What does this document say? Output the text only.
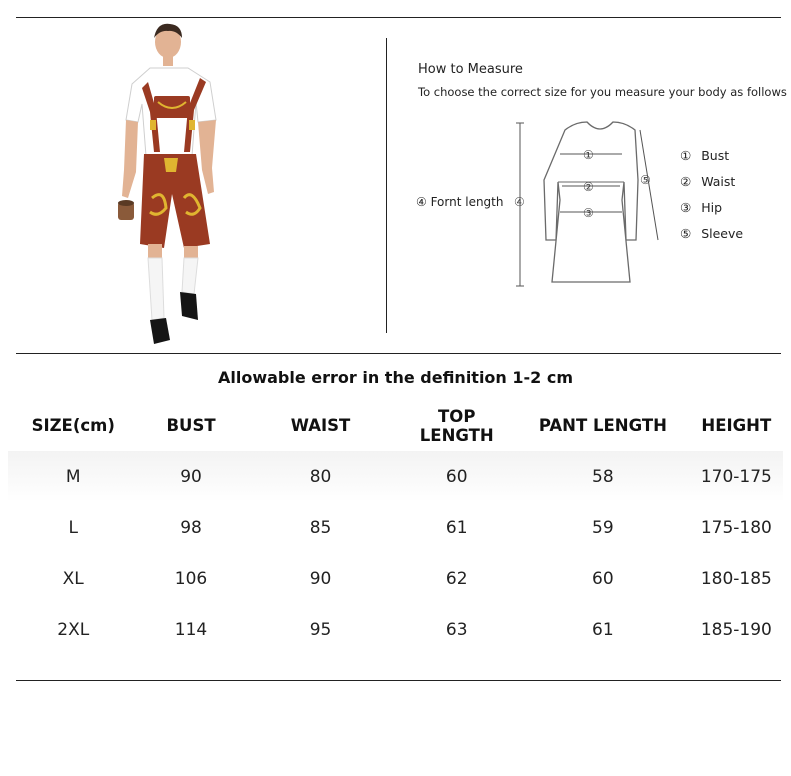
How to Measure
To choose the correct size for you measure your body as follows
④
⑤
①
②
③
④ Fornt length
① Bust
② Waist
③ Hip
⑤ Sleeve
Allowable error in the definition 1-2 cm
SIZE(cm)	BUST	WAIST	TOP LENGTH	PANT LENGTH	HEIGHT
M	90	80	60	58	170-175
L	98	85	61	59	175-180
XL	106	90	62	60	180-185
2XL	114	95	63	61	185-190
